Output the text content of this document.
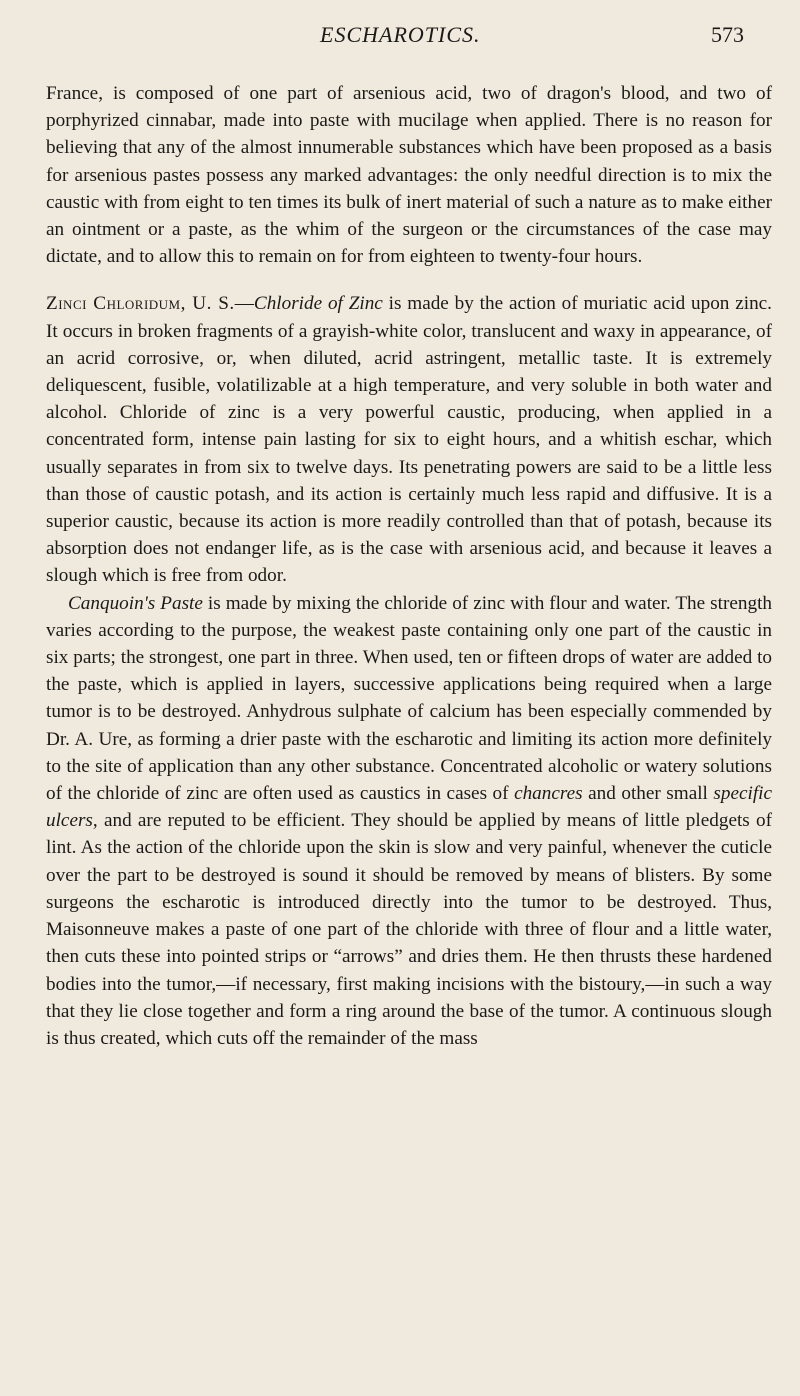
ESCHAROTICS.	573

France, is composed of one part of arsenious acid, two of dragon's blood, and two of porphyrized cinnabar, made into paste with mucilage when applied. There is no reason for believing that any of the almost innumerable substances which have been proposed as a basis for arsenious pastes possess any marked advantages: the only needful direction is to mix the caustic with from eight to ten times its bulk of inert material of such a nature as to make either an ointment or a paste, as the whim of the surgeon or the circumstances of the case may dictate, and to allow this to remain on for from eighteen to twenty-four hours.

Zinci Chloridum, U. S.—Chloride of Zinc is made by the action of muriatic acid upon zinc. It occurs in broken fragments of a grayish-white color, translucent and waxy in appearance, of an acrid corrosive, or, when diluted, acrid astringent, metallic taste. It is extremely deliquescent, fusible, volatilizable at a high temperature, and very soluble in both water and alcohol. Chloride of zinc is a very powerful caustic, producing, when applied in a concentrated form, intense pain lasting for six to eight hours, and a whitish eschar, which usually separates in from six to twelve days. Its penetrating powers are said to be a little less than those of caustic potash, and its action is certainly much less rapid and diffusive. It is a superior caustic, because its action is more readily controlled than that of potash, because its absorption does not endanger life, as is the case with arsenious acid, and because it leaves a slough which is free from odor.

Canquoin's Paste is made by mixing the chloride of zinc with flour and water. The strength varies according to the purpose, the weakest paste containing only one part of the caustic in six parts; the strongest, one part in three. When used, ten or fifteen drops of water are added to the paste, which is applied in layers, successive applications being required when a large tumor is to be destroyed. Anhydrous sulphate of calcium has been especially commended by Dr. A. Ure, as forming a drier paste with the escharotic and limiting its action more definitely to the site of application than any other substance. Concentrated alcoholic or watery solutions of the chloride of zinc are often used as caustics in cases of chancres and other small specific ulcers, and are reputed to be efficient. They should be applied by means of little pledgets of lint. As the action of the chloride upon the skin is slow and very painful, whenever the cuticle over the part to be destroyed is sound it should be removed by means of blisters. By some surgeons the escharotic is introduced directly into the tumor to be destroyed. Thus, Maisonneuve makes a paste of one part of the chloride with three of flour and a little water, then cuts these into pointed strips or “arrows” and dries them. He then thrusts these hardened bodies into the tumor,—if necessary, first making incisions with the bistoury,—in such a way that they lie close together and form a ring around the base of the tumor. A continuous slough is thus created, which cuts off the remainder of the mass
